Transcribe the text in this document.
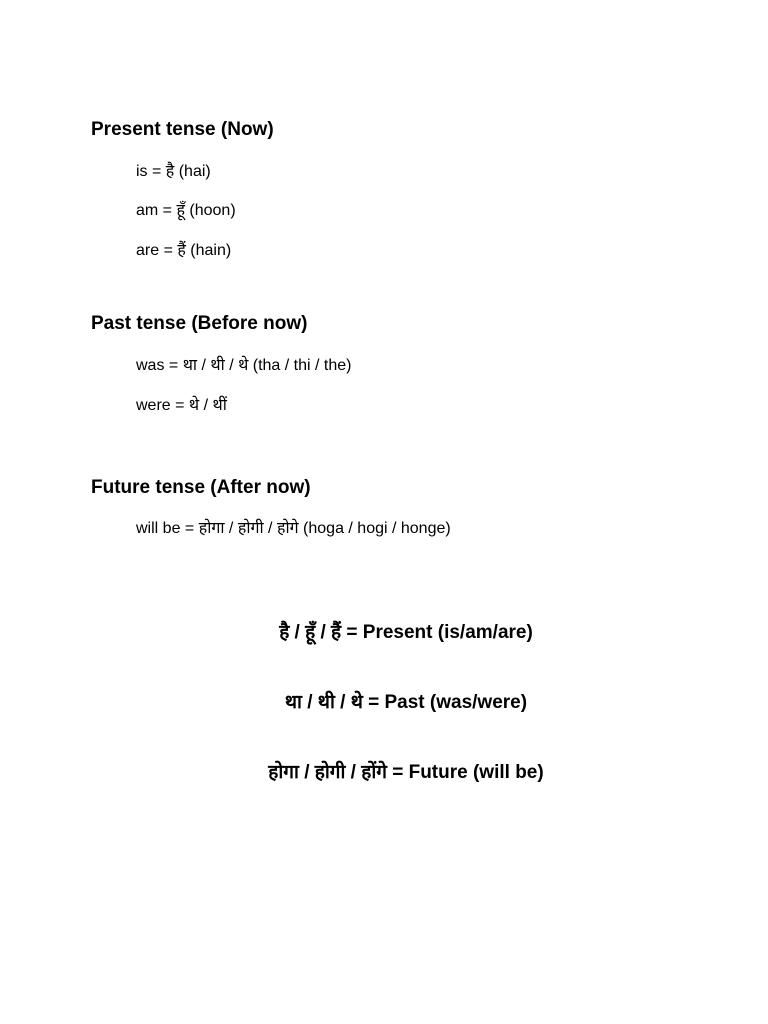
Present tense (Now)
is = है (hai)
am = हूँ (hoon)
are = हैं (hain)
Past tense (Before now)
was = था / थी / थे (tha / thi / the)
were = थे / थीं
Future tense (After now)
will be = होगा / होगी / होगे (hoga / hogi / honge)
है / हूँ / हैं = Present (is/am/are)
था / थी / थे = Past (was/were)
होगा / होगी / होंगे = Future (will be)
